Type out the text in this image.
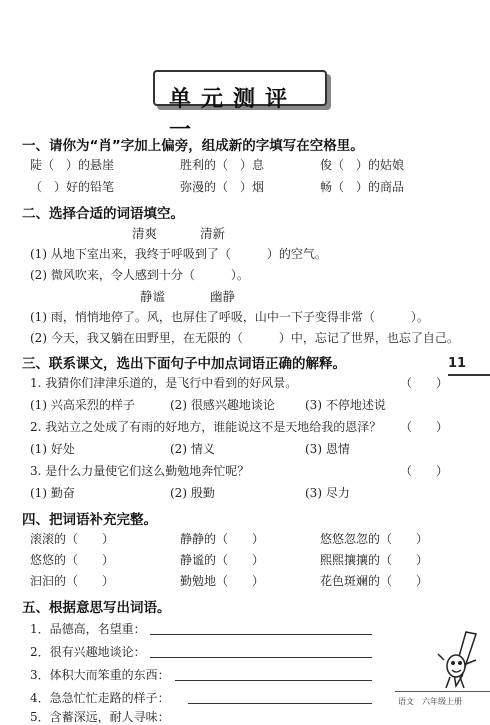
单元测评一
一、请你为“肖”字加上偏旁，组成新的字填写在空格里。
陡（　）的悬崖	胜利的（　）息	俊（　）的姑娘
（　）好的铅笔	弥漫的（　）烟	畅（　）的商品
二、选择合适的词语填空。
清爽	清新
(1) 从地下室出来，我终于呼吸到了（　　　）的空气。
(2) 微风吹来，令人感到十分（　　　）。
静谧	幽静
(1) 雨，悄悄地停了。风，也屏住了呼吸，山中一下子变得非常（　　　）。
(2) 今天，我又躺在田野里，在无限的（　　　）中，忘记了世界，也忘了自己。
三、联系课文，选出下面句子中加点词语正确的解释。
1. 我猜你们津津乐道的，是飞行中看到的好风景。	（　　）
(1) 兴高采烈的样子	(2) 很感兴趣地谈论	(3) 不停地述说
2. 我站立之处成了有雨的好地方，谁能说这不是天地给我的恩泽？ （　　）
(1) 好处	(2) 情义	(3) 恩情
3. 是什么力量使它们这么勤勉地奔忙呢？	（　　）
(1) 勤奋	(2) 殷勤	(3) 尽力
11
四、把词语补充完整。
滚滚的（　　）	静静的（　　）	悠悠忽忽的（　　）
悠悠的（　　）	静谧的（　　）	熙熙攘攘的（　　）
汩汩的（　　）	勤勉地（　　）	花色斑斓的（　　）
五、根据意思写出词语。
1．品德高，名望重：
2．很有兴趣地谈论：
3．体积大而笨重的东西：
4．急急忙忙走路的样子：
5．含蓄深远，耐人寻味：
语文　六年级上册
